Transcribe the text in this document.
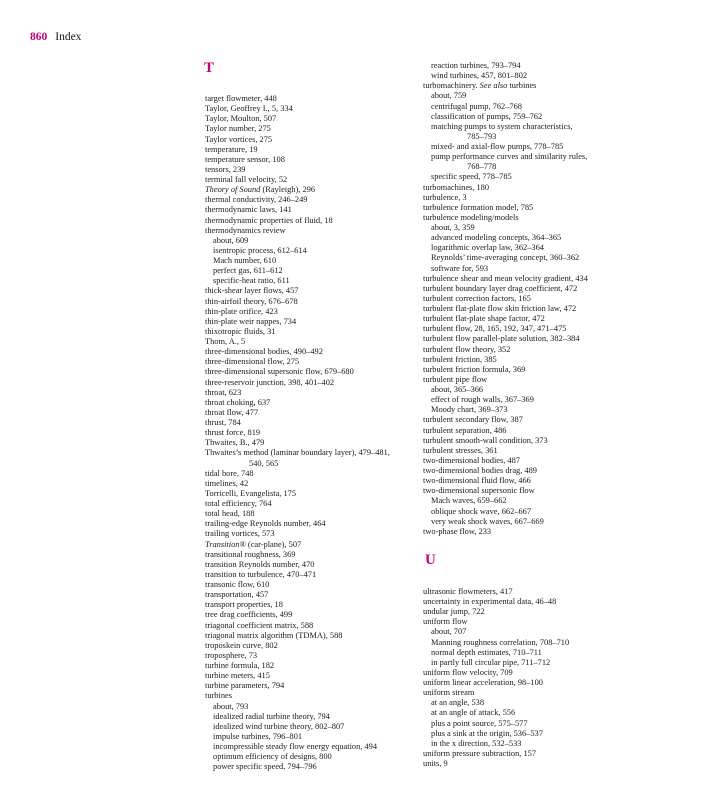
860 Index
T
target flowmeter, 448
Taylor, Geoffrey I., 5, 334
Taylor, Moulton, 507
Taylor number, 275
Taylor vortices, 275
temperature, 19
temperature sensor, 108
tensors, 239
terminal fall velocity, 52
Theory of Sound (Rayleigh), 296
thermal conductivity, 246–249
thermodynamic laws, 141
thermodynamic properties of fluid, 18
thermodynamics review
about, 609
isentropic process, 612–614
Mach number, 610
perfect gas, 611–612
specific-heat ratio, 611
thick-shear layer flows, 457
thin-airfoil theory, 676–678
thin-plate orifice, 423
thin-plate weir nappes, 734
thixotropic fluids, 31
Thom, A., 5
three-dimensional bodies, 490–492
three-dimensional flow, 275
three-dimensional supersonic flow, 679–680
three-reservoir junction, 398, 401–402
throat, 623
throat choking, 637
throat flow, 477
thrust, 784
thrust force, 819
Thwaites, B., 479
Thwaites’s method (laminar boundary layer), 479–481,
540, 565
tidal bore, 748
timelines, 42
Torricelli, Evangelista, 175
total efficiency, 764
total head, 188
trailing-edge Reynolds number, 464
trailing vortices, 573
Transition® (car-plane), 507
transitional roughness, 369
transition Reynolds number, 470
transition to turbulence, 470–471
transonic flow, 610
transportation, 457
transport properties, 18
tree drag coefficients, 499
triagonal coefficient matrix, 588
triagonal matrix algorithm (TDMA), 588
troposkein curve, 802
troposphere, 73
turbine formula, 182
turbine meters, 415
turbine parameters, 794
turbines
about, 793
idealized radial turbine theory, 794
idealized wind turbine theory, 802–807
impulse turbines, 796–801
incompressible steady flow energy equation, 494
optimum efficiency of designs, 800
power specific speed, 794–796
reaction turbines, 793–794
wind turbines, 457, 801–802
turbomachinery. See also turbines
about, 759
centrifugal pump, 762–768
classification of pumps, 759–762
matching pumps to system characteristics,
785–793
mixed- and axial-flow pumps, 778–785
pump performance curves and similarity rules,
768–778
specific speed, 778–785
turbomachines, 180
turbulence, 3
turbulence formation model, 785
turbulence modeling/models
about, 3, 359
advanced modeling concepts, 364–365
logarithmic overlap law, 362–364
Reynolds’ time-averaging concept, 360–362
software for, 593
turbulence shear and mean velocity gradient, 434
turbulent boundary layer drag coefficient, 472
turbulent correction factors, 165
turbulent flat-plate flow skin friction law, 472
turbulent flat-plate shape factor, 472
turbulent flow, 28, 165, 192, 347, 471–475
turbulent flow parallel-plate solution, 382–384
turbulent flow theory, 352
turbulent friction, 385
turbulent friction formula, 369
turbulent pipe flow
about, 365–366
effect of rough walls, 367–369
Moody chart, 369–373
turbulent secondary flow, 387
turbulent separation, 486
turbulent smooth-wall condition, 373
turbulent stresses, 361
two-dimensional bodies, 487
two-dimensional bodies drag, 489
two-dimensional fluid flow, 466
two-dimensional supersonic flow
Mach waves, 659–662
oblique shock wave, 662–667
very weak shock waves, 667–669
two-phase flow, 233
U
ultrasonic flowmeters, 417
uncertainty in experimental data, 46–48
undular jump, 722
uniform flow
about, 707
Manning roughness correlation, 708–710
normal depth estimates, 710–711
in partly full circular pipe, 711–712
uniform flow velocity, 709
uniform linear acceleration, 98–100
uniform stream
at an angle, 538
at an angle of attack, 556
plus a point source, 575–577
plus a sink at the origin, 536–537
in the x direction, 532–533
uniform pressure subtraction, 157
units, 9
